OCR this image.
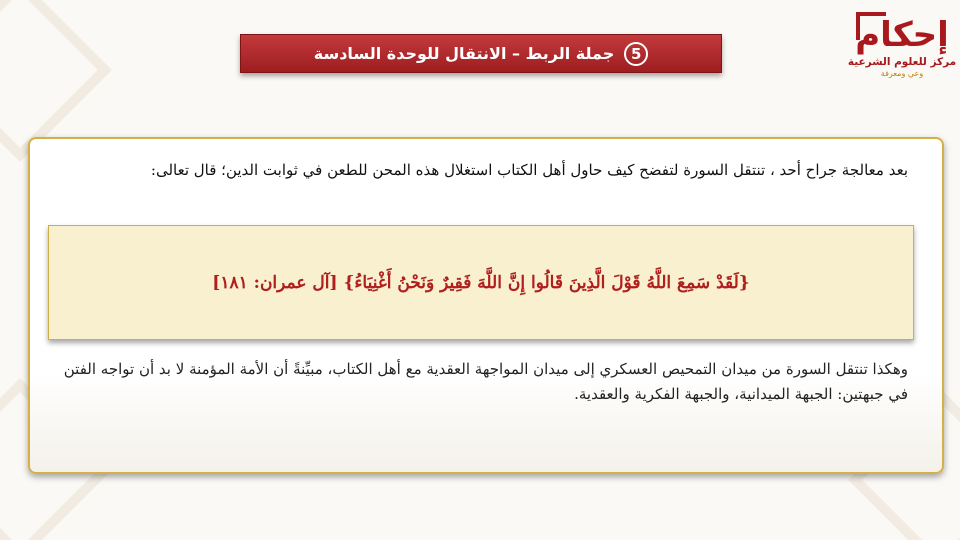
5
جملة الربط – الانتقال للوحدة السادسة	إحكام
مركز للعلوم الشرعية
وعي ومعرفة
بعد معالجة جراح أحد ، تنتقل السورة لتفضح كيف حاول أهل الكتاب استغلال هذه المحن للطعن في ثوابت الدين؛ قال تعالى:
{لَقَدْ سَمِعَ اللَّهُ قَوْلَ الَّذِينَ قَالُوا إِنَّ اللَّهَ فَقِيرٌ وَنَحْنُ أَغْنِيَاءُ} [آل عمران: ١٨١]
وهكذا تنتقل السورة من ميدان التمحيص العسكري إلى ميدان المواجهة العقدية مع أهل الكتاب، مبيِّنةً أن الأمة المؤمنة لا بد أن تواجه الفتن في جبهتين: الجبهة الميدانية، والجبهة الفكرية والعقدية.
